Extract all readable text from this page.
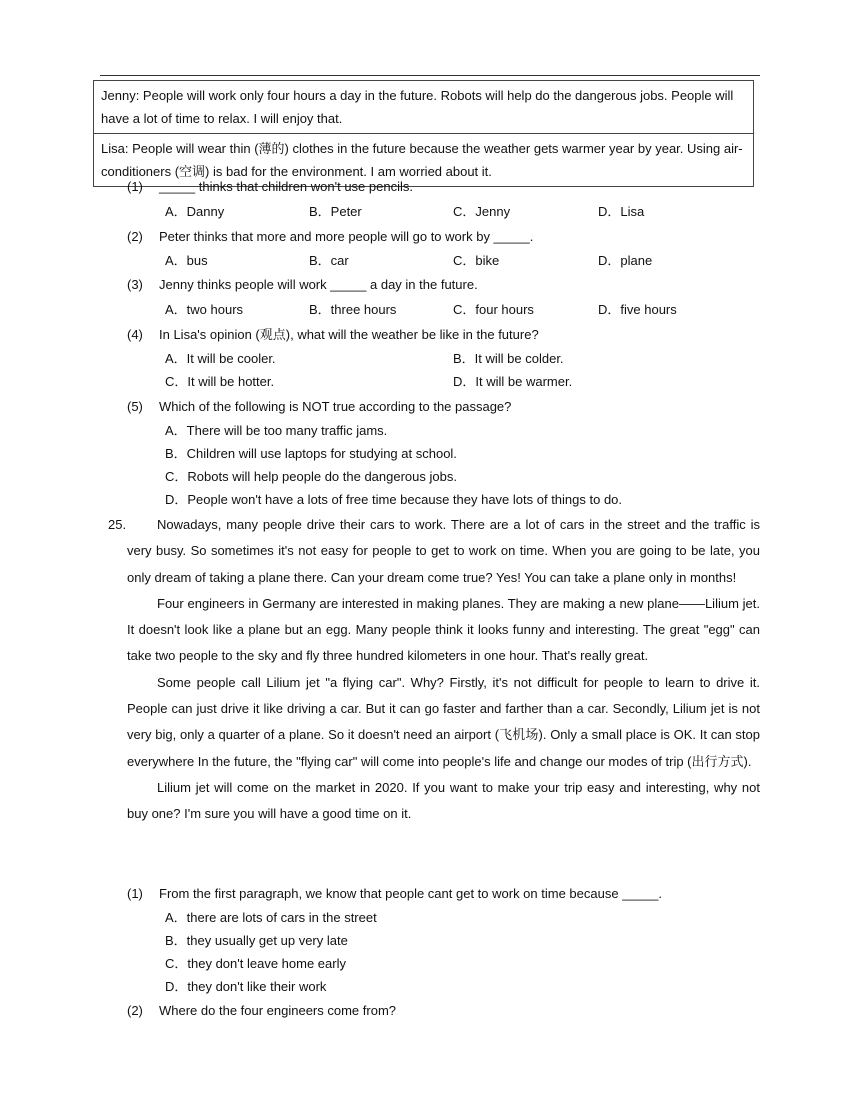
Jenny: People will work only four hours a day in the future. Robots will help do the dangerous jobs. People will have a lot of time to relax. I will enjoy that.
Lisa: People will wear thin (薄的) clothes in the future because the weather gets warmer year by year. Using air-conditioners (空调) is bad for the environment. I am worried about it.
(1) _____ thinks that children won't use pencils.
A．Danny	B．Peter	C．Jenny	D．Lisa
(2) Peter thinks that more and more people will go to work by _____.
A．bus	B．car	C．bike	D．plane
(3) Jenny thinks people will work _____ a day in the future.
A．two hours	B．three hours	C．four hours	D．five hours
(4) In Lisa's opinion (观点), what will the weather be like in the future?
A．It will be cooler.	B．It will be colder.
C．It will be hotter.	D．It will be warmer.
(5) Which of the following is NOT true according to the passage?
A．There will be too many traffic jams.
B．Children will use laptops for studying at school.
C．Robots will help people do the dangerous jobs.
D．People won't have a lots of free time because they have lots of things to do.
25.	Nowadays, many people drive their cars to work. There are a lot of cars in the street and the traffic is very busy. So sometimes it's not easy for people to get to work on time. When you are going to be late, you only dream of taking a plane there. Can your dream come true? Yes! You can take a plane only in months!

Four engineers in Germany are interested in making planes. They are making a new plane——Lilium jet. It doesn't look like a plane but an egg. Many people think it looks funny and interesting. The great "egg" can take two people to the sky and fly three hundred kilometers in one hour. That's really great.

Some people call Lilium jet "a flying car". Why? Firstly, it's not difficult for people to learn to drive it. People can just drive it like driving a car. But it can go faster and farther than a car. Secondly, Lilium jet is not very big, only a quarter of a plane. So it doesn't need an airport (飞机场). Only a small place is OK. It can stop everywhere In the future, the "flying car" will come into people's life and change our modes of trip (出行方式).

Lilium jet will come on the market in 2020. If you want to make your trip easy and interesting, why not buy one? I'm sure you will have a good time on it.

(1) From the first paragraph, we know that people cant get to work on time because _____.
A．there are lots of cars in the street
B．they usually get up very late
C．they don't leave home early
D．they don't like their work
(2) Where do the four engineers come from?
